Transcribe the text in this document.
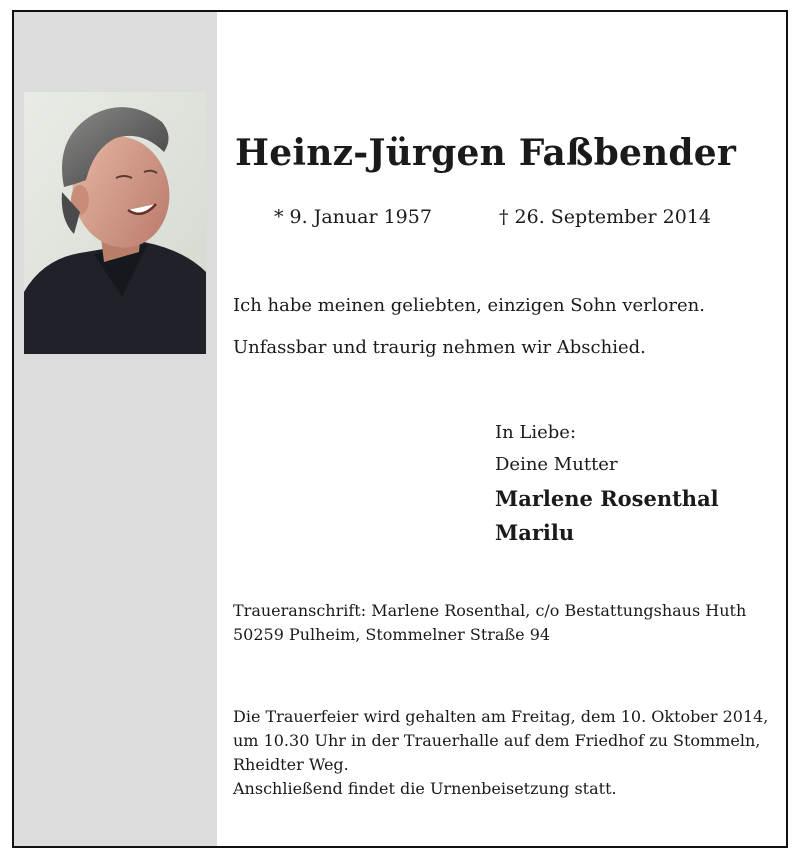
Heinz-Jürgen Faßbender
* 9. Januar 1957	† 26. September 2014
Ich habe meinen geliebten, einzigen Sohn verloren.
Unfassbar und traurig nehmen wir Abschied.
In Liebe:
Deine Mutter
Marlene Rosenthal
Marilu
Traueranschrift: Marlene Rosenthal, c/o Bestattungshaus Huth
50259 Pulheim, Stommelner Straße 94
Die Trauerfeier wird gehalten am Freitag, dem 10. Oktober 2014,
um 10.30 Uhr in der Trauerhalle auf dem Friedhof zu Stommeln,
Rheidter Weg.
Anschließend findet die Urnenbeisetzung statt.
